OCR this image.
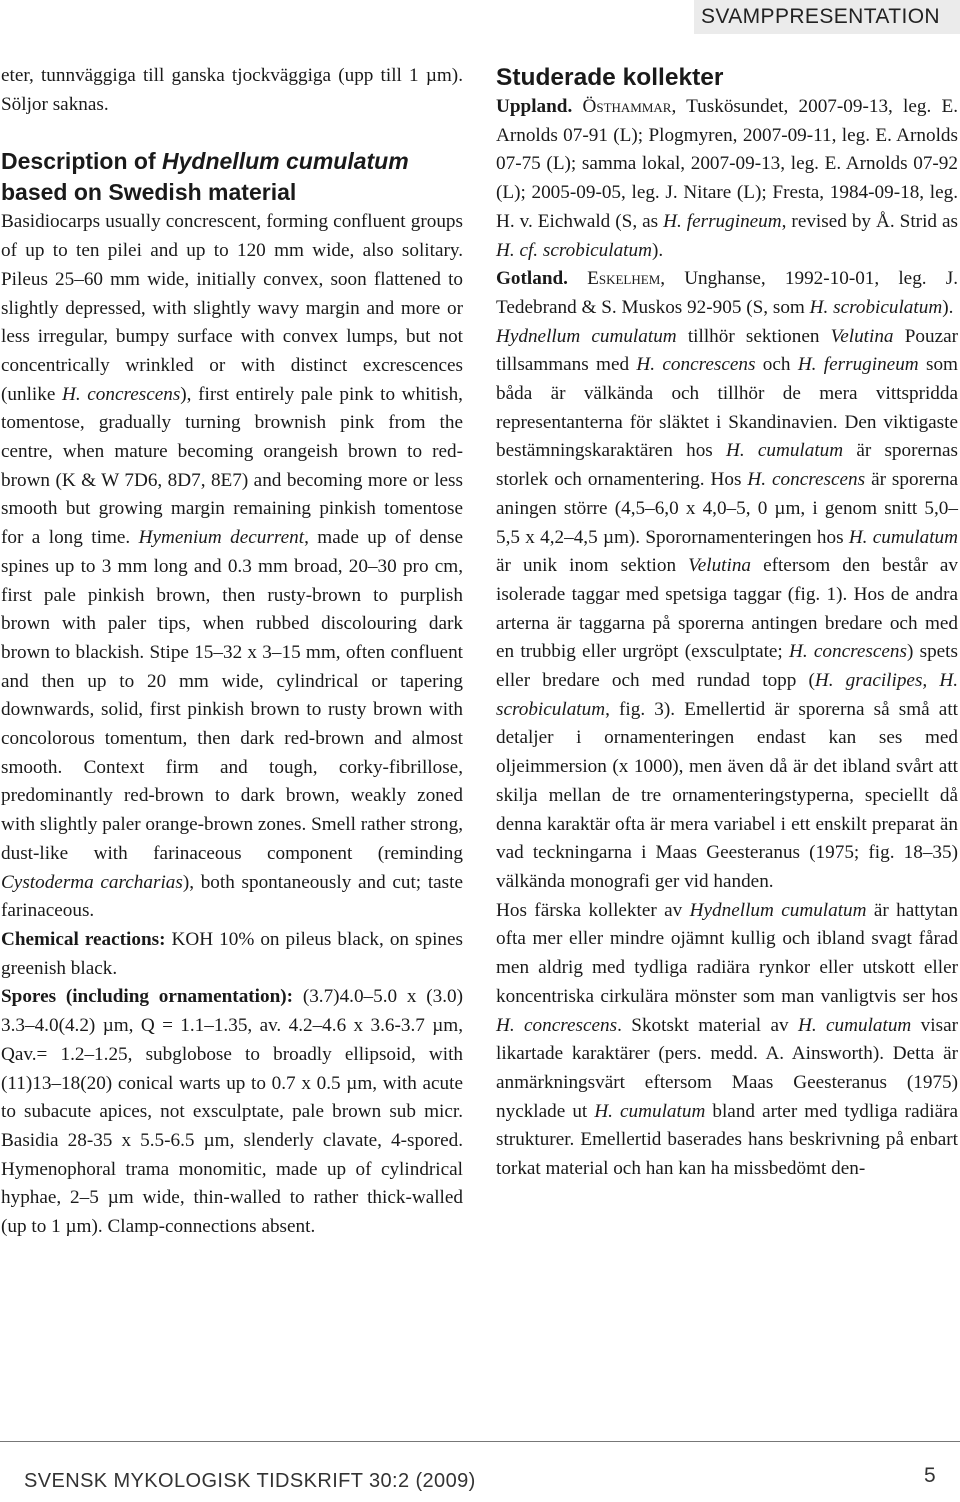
SVAMPPRESENTATION

eter, tunnväggiga till ganska tjockväggiga (upp till 1 µm). Söljor saknas.

Description of Hydnellum cumulatum based on Swedish material

Basidiocarps usually concrescent, forming confluent groups of up to ten pilei and up to 120 mm wide, also solitary. Pileus 25–60 mm wide, initially convex, soon flattened to slightly depressed, with slightly wavy margin and more or less irregular, bumpy surface with convex lumps, but not concentrically wrinkled or with distinct excrescences (unlike H. concrescens), first entirely pale pink to whitish, tomentose, gradually turning brownish pink from the centre, when mature becoming orangeish brown to red-brown (K & W 7D6, 8D7, 8E7) and becoming more or less smooth but growing margin remaining pinkish tomentose for a long time. Hymenium decurrent, made up of dense spines up to 3 mm long and 0.3 mm broad, 20–30 pro cm, first pale pinkish brown, then rusty-brown to purplish brown with paler tips, when rubbed discolouring dark brown to blackish. Stipe 15–32 x 3–15 mm, often confluent and then up to 20 mm wide, cylindrical or tapering downwards, solid, first pinkish brown to rusty brown with concolorous tomentum, then dark red-brown and almost smooth. Context firm and tough, corky-fibrillose, predominantly red-brown to dark brown, weakly zoned with slightly paler orange-brown zones. Smell rather strong, dust-like with farinaceous component (reminding Cystoderma carcharias), both spontaneously and cut; taste farinaceous.

Chemical reactions: KOH 10% on pileus black, on spines greenish black.

Spores (including ornamentation): (3.7)4.0–5.0 x (3.0) 3.3–4.0(4.2) µm, Q = 1.1–1.35, av. 4.2–4.6 x 3.6-3.7 µm, Qav.= 1.2–1.25, subglobose to broadly ellipsoid, with (11)13–18(20) conical warts up to 0.7 x 0.5 µm, with acute to subacute apices, not exsculptate, pale brown sub micr. Basidia 28-35 x 5.5-6.5 µm, slenderly clavate, 4-spored. Hymenophoral trama monomitic, made up of cylindrical hyphae, 2–5 µm wide, thin-walled to rather thick-walled (up to 1 µm). Clamp-connections absent.

Studerade kollekter

Uppland. Östhammar, Tuskösundet, 2007-09-13, leg. E. Arnolds 07-91 (L); Plogmyren, 2007-09-11, leg. E. Arnolds 07-75 (L); samma lokal, 2007-09-13, leg. E. Arnolds 07-92 (L); 2005-09-05, leg. J. Nitare (L); Fresta, 1984-09-18, leg. H. v. Eichwald (S, as H. ferrugineum, revised by Å. Strid as H. cf. scrobiculatum).

Gotland. Eskelhem, Unghanse, 1992-10-01, leg. J. Tedebrand & S. Muskos 92-905 (S, som H. scrobiculatum).

Hydnellum cumulatum tillhör sektionen Velutina Pouzar tillsammans med H. concrescens och H. ferrugineum som båda är välkända och tillhör de mera vittspridda representanterna för släktet i Skandinavien. Den viktigaste bestämningskaraktären hos H. cumulatum är sporernas storlek och ornamentering. Hos H. concrescens är sporerna aningen större (4,5–6,0 x 4,0–5, 0 µm, i genom snitt 5,0–5,5 x 4,2–4,5 µm). Sporornamenteringen hos H. cumulatum är unik inom sektion Velutina eftersom den består av isolerade taggar med spetsiga taggar (fig. 1). Hos de andra arterna är taggarna på sporerna antingen bredare och med en trubbig eller urgröpt (exsculptate; H. concrescens) spets eller bredare och med rundad topp (H. gracilipes, H. scrobiculatum, fig. 3). Emellertid är sporerna så små att detaljer i ornamenteringen endast kan ses med oljeimmersion (x 1000), men även då är det ibland svårt att skilja mellan de tre ornamenteringstyperna, speciellt då denna karaktär ofta är mera variabel i ett enskilt preparat än vad teckningarna i Maas Geesteranus (1975; fig. 18–35) välkända monografi ger vid handen.

Hos färska kollekter av Hydnellum cumulatum är hattytan ofta mer eller mindre ojämnt kullig och ibland svagt fårad men aldrig med tydliga radiära rynkor eller utskott eller koncentriska cirkulära mönster som man vanligtvis ser hos H. concrescens. Skotskt material av H. cumulatum visar likartade karaktärer (pers. medd. A. Ainsworth). Detta är anmärkningsvärt eftersom Maas Geesteranus (1975) nycklade ut H. cumulatum bland arter med tydliga radiära strukturer. Emellertid baserades hans beskrivning på enbart torkat material och han kan ha missbedömt den-

SVENSK MYKOLOGISK TIDSKRIFT 30:2 (2009)	5
